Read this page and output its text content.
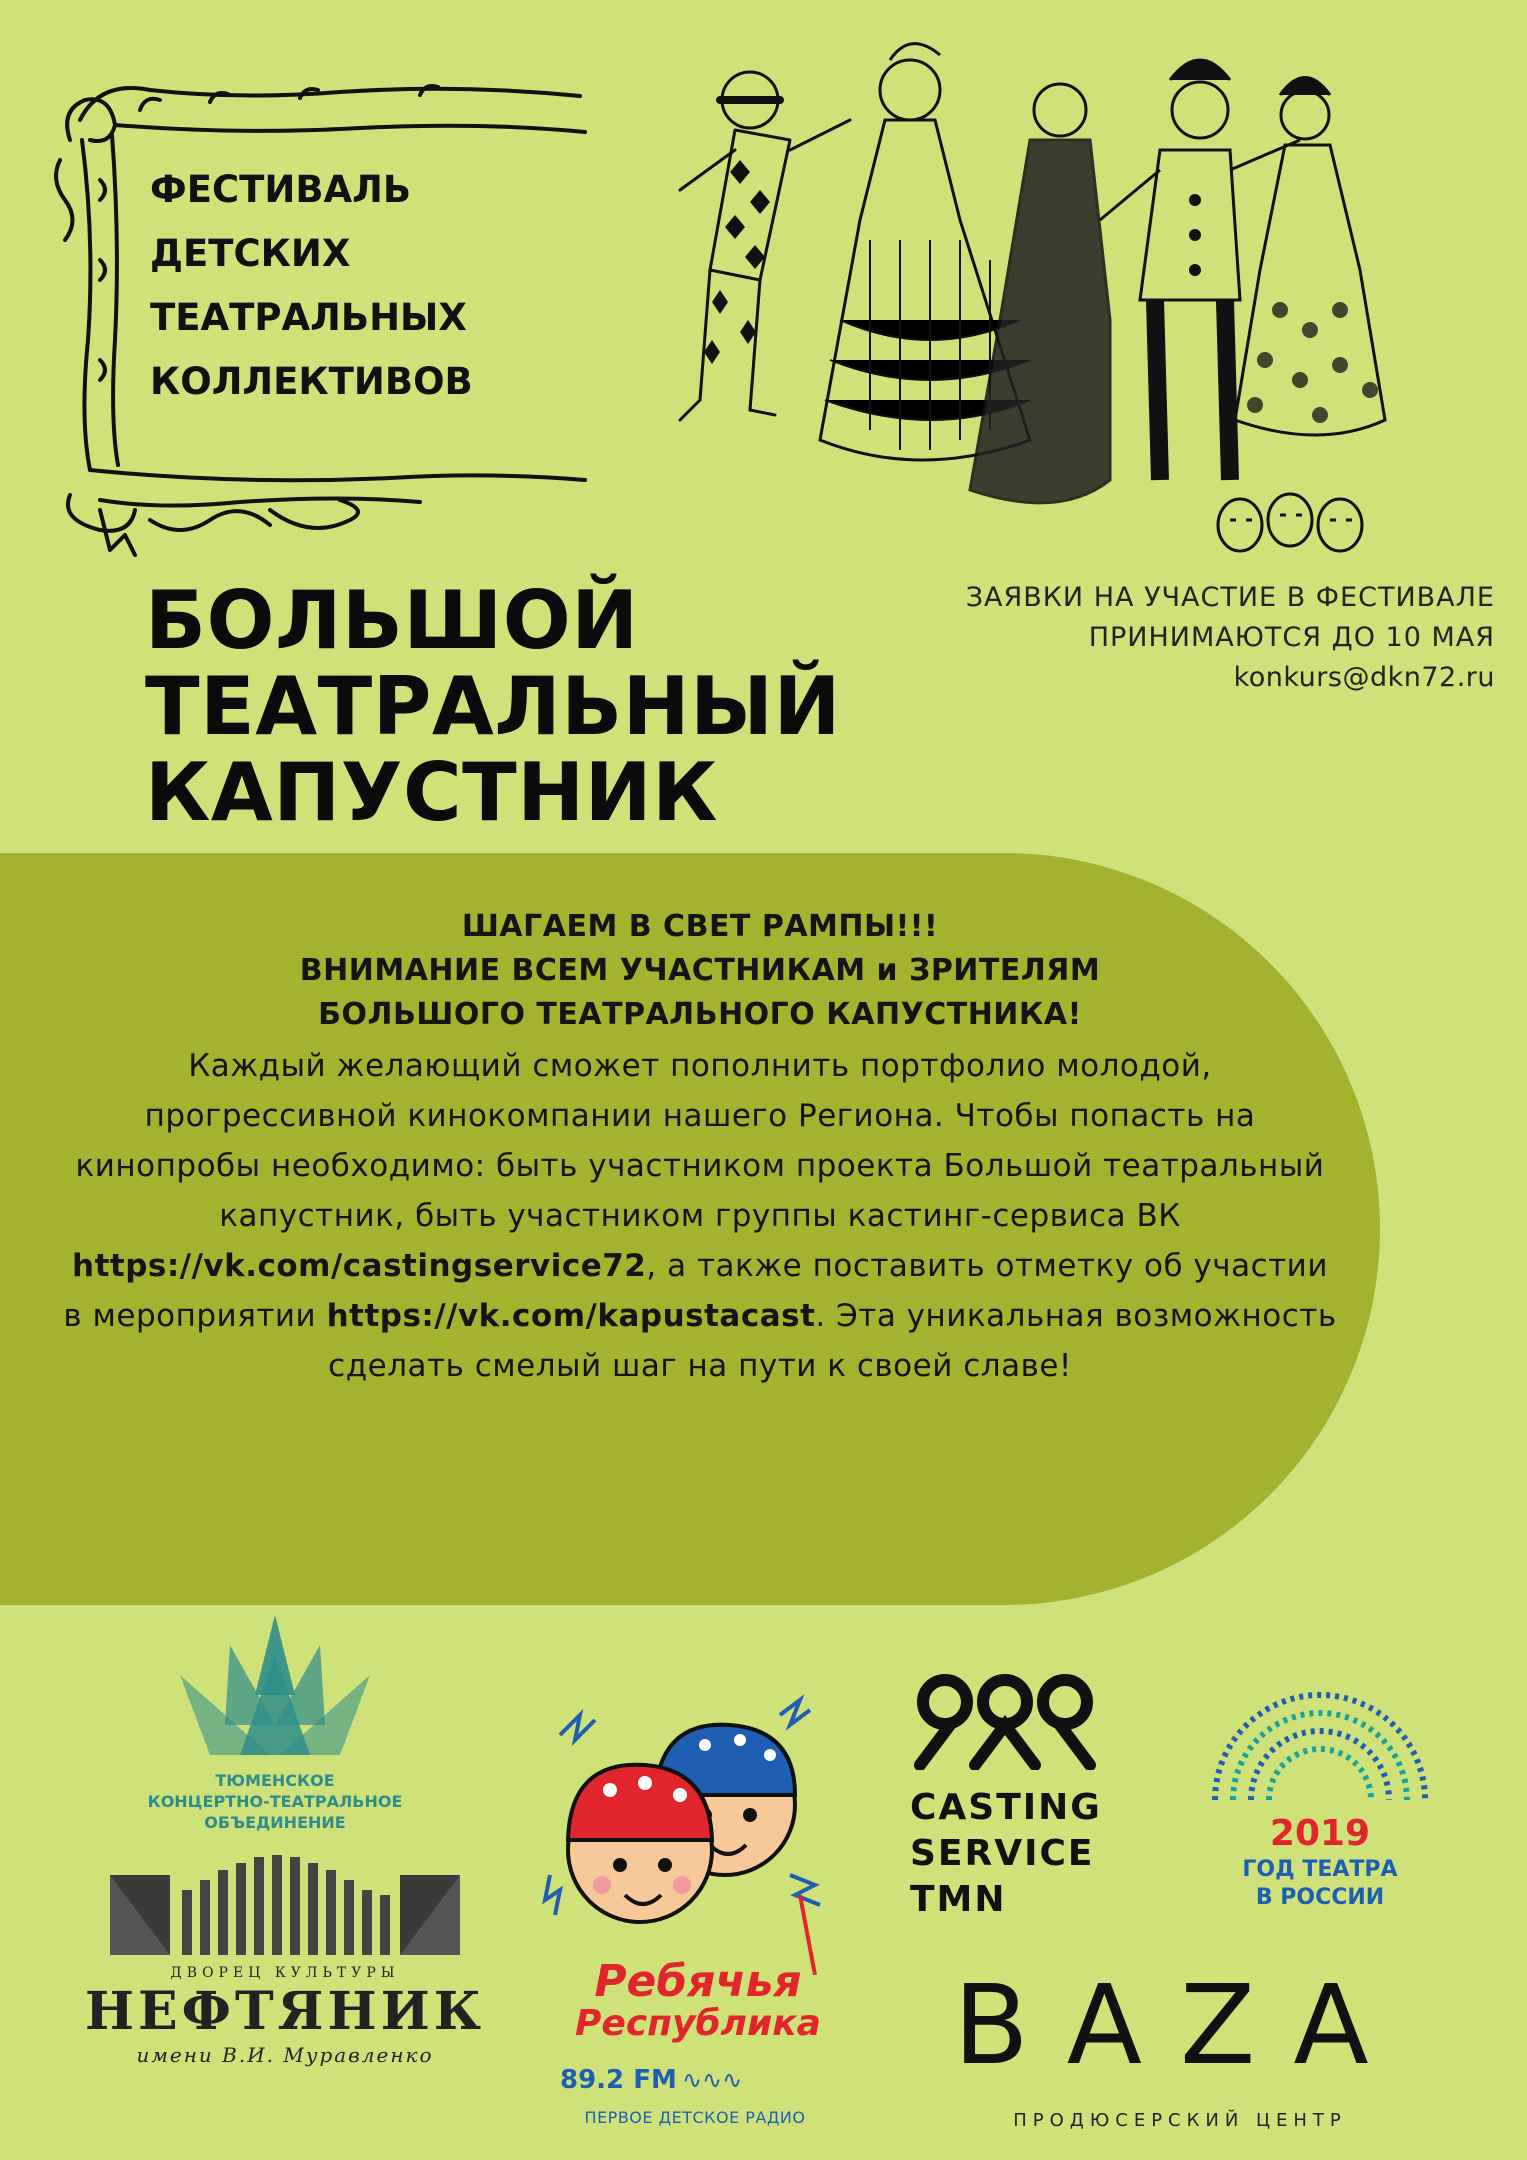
ФЕСТИВАЛЬ
ДЕТСКИХ
ТЕАТРАЛЬНЫХ
КОЛЛЕКТИВОВ
БОЛЬШОЙ
ТЕАТРАЛЬНЫЙ
КАПУСТНИК
ЗАЯВКИ НА УЧАСТИЕ В ФЕСТИВАЛЕ
ПРИНИМАЮТСЯ ДО 10 МАЯ
konkurs@dkn72.ru
ШАГАЕМ В СВЕТ РАМПЫ!!!
ВНИМАНИЕ ВСЕМ УЧАСТНИКАМ и ЗРИТЕЛЯМ
БОЛЬШОГО ТЕАТРАЛЬНОГО КАПУСТНИКА!
Каждый желающий сможет пополнить портфолио молодой, прогрессивной кинокомпании нашего Региона. Чтобы попасть на кинопробы необходимо: быть участником проекта Большой театральный капустник, быть участником группы кастинг-сервиса ВК https://vk.com/castingservice72, а также поставить отметку об участии в мероприятии https://vk.com/kapustacast. Эта уникальная возможность сделать смелый шаг на пути к своей славе!
ТЮМЕНСКОЕ
КОНЦЕРТНО-ТЕАТРАЛЬНОЕ
ОБЪЕДИНЕНИЕ
ДВОРЕЦ КУЛЬТУРЫ
НЕФТЯНИК
имени В.И. Муравленко
Ребячья
Республика
89.2 FM ∿∿∿
ПЕРВОЕ ДЕТСКОЕ РАДИО
CASTING
SERVICE
TMN
2019
ГОД ТЕАТРА
В РОССИИ
BAZA
ПРОДЮСЕРСКИЙ ЦЕНТР
